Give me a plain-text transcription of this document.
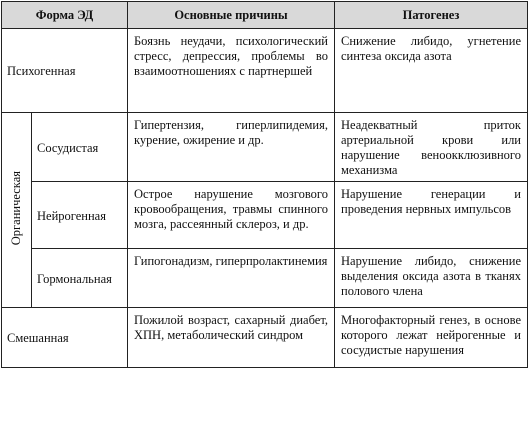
Форма ЭД		Основные причины	Патогенез
Психогенная		Боязнь неудачи, психологический стресс, депрессия, проблемы во взаимоотношениях с партнершей	Снижение либидо, угнетение синтеза оксида азота
Органическая	Сосудистая	Гипертензия, гиперлипидемия, курение, ожирение и др.	Неадекватный приток артериальной крови или нарушение веноокклюзивного механизма
	Нейрогенная	Острое нарушение мозгового кровообращения, травмы спинного мозга, рассеянный склероз, и др.	Нарушение генерации и проведения нервных импульсов
	Гормональная	Гипогонадизм, гиперпролактинемия	Нарушение либидо, снижение выделения оксида азота в тканях полового члена
Смешанная		Пожилой возраст, сахарный диабет, ХПН, метаболический синдром	Многофакторный генез, в основе которого лежат нейрогенные и сосудистые нарушения
